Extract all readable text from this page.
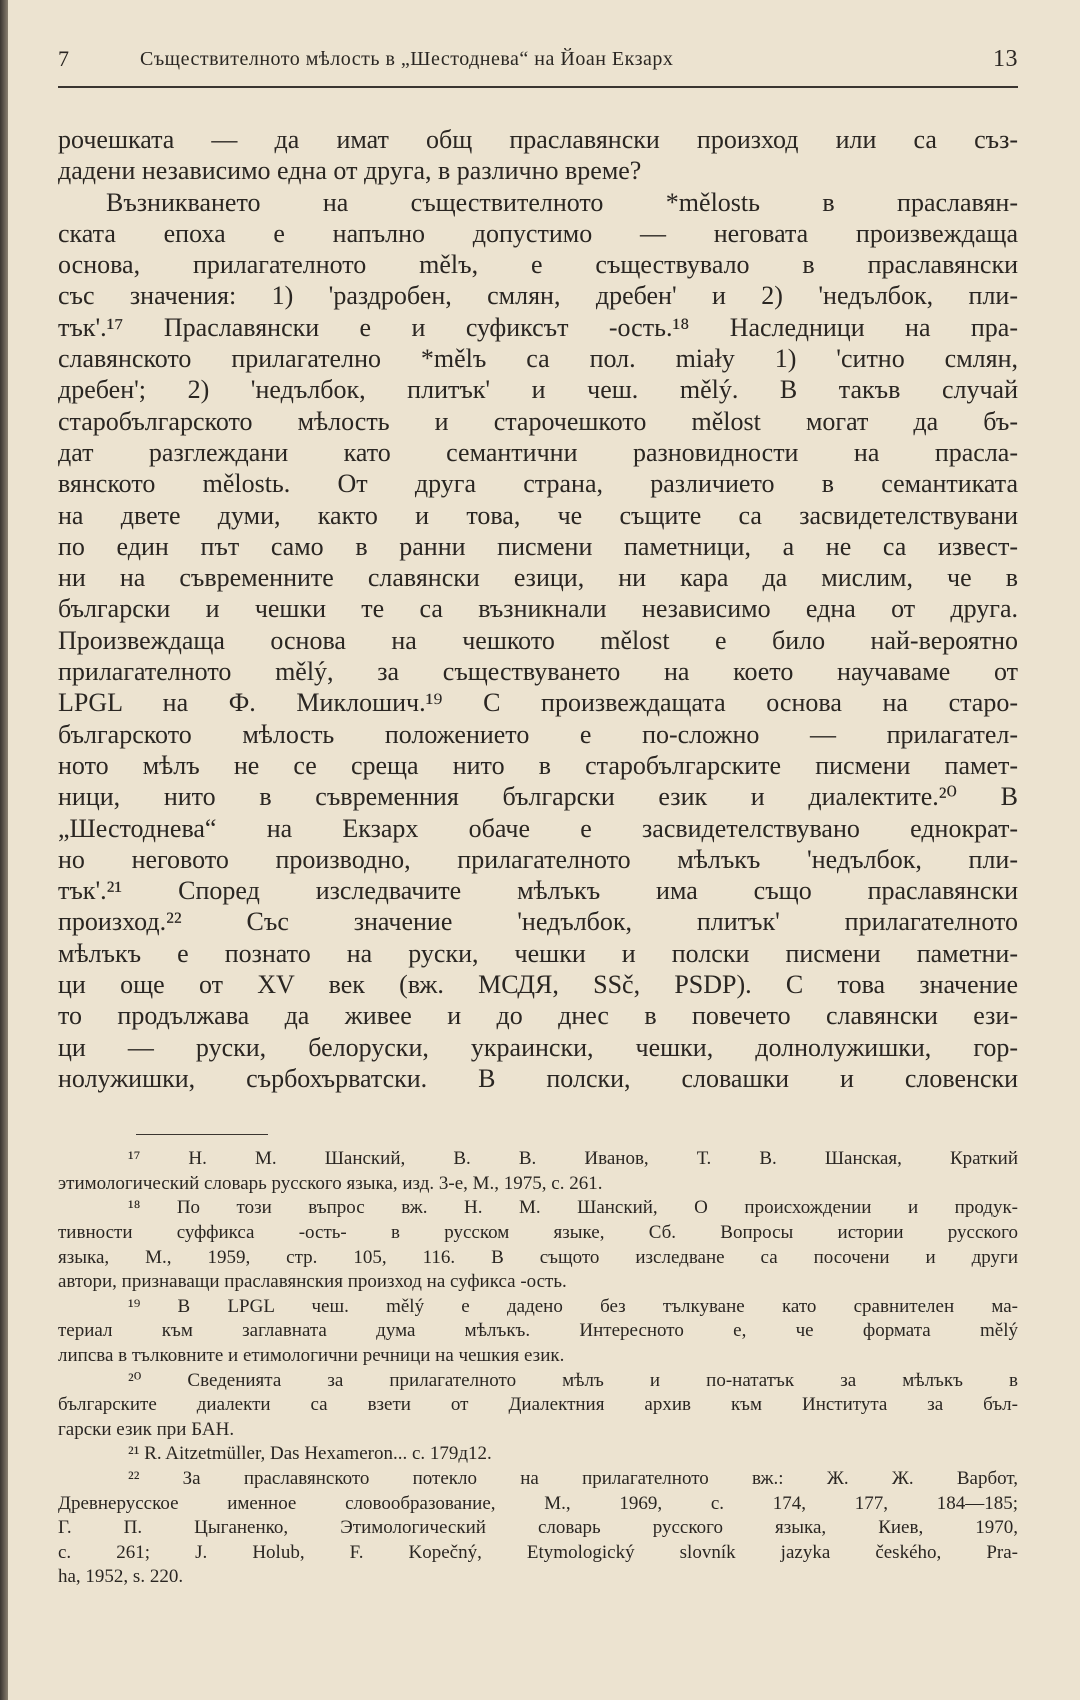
7	Съществителното мѣлость в „Шестоднева“ на Йоан Екзарх	13
рочешката — да имат общ праславянски произход или са съз-
дадени независимо една от друга, в различно време?
Възникването на съществителното *mělostь в праславян-
ската епоха е напълно допустимо — неговата произвеждаща
основа, прилагателното mělъ, е съществувало в праславянски
със значения: 1) 'раздробен, смлян, дребен' и 2) 'недълбок, пли-
тък'.¹⁷ Праславянски е и суфиксът -ость.¹⁸ Наследници на пра-
славянското прилагателно *mělъ са пол. miały 1) 'ситно смлян,
дребен'; 2) 'недълбок, плитък' и чеш. mělý. В такъв случай
старобългарското мѣлость и старочешкото mělost могат да бъ-
дат разглеждани като семантични разновидности на прасла-
вянското mělostь. От друга страна, различието в семантиката
на двете думи, както и това, че същите са засвидетелствувани
по един път само в ранни писмени паметници, а не са извест-
ни на съвременните славянски езици, ни кара да мислим, че в
български и чешки те са възникнали независимо една от друга.
Произвеждаща основа на чешкото mělost е било най-вероятно
прилагателното mělý, за съществуването на което научаваме от
LPGL на Ф. Миклошич.¹⁹ С произвеждащата основа на старо-
българското мѣлость положението е по-сложно — прилагател-
ното мѣлъ не се среща нито в старобългарските писмени памет-
ници, нито в съвременния български език и диалектите.²⁰ В
„Шестоднева“ на Екзарх обаче е засвидетелствувано еднократ-
но неговото производно, прилагателното мѣлъкъ 'недълбок, пли-
тък'.²¹ Според изследвачите мѣлъкъ има също праславянски
произход.²² Със значение 'недълбок, плитък' прилагателното
мѣлъкъ е познато на руски, чешки и полски писмени паметни-
ци още от XV век (вж. МСДЯ, SSč, PSDP). С това значение
то продължава да живее и до днес в повечето славянски ези-
ци — руски, белоруски, украински, чешки, долнолужишки, гор-
нолужишки, сърбохърватски. В полски, словашки и словенски
¹⁷ Н. М. Шанский, В. В. Иванов, Т. В. Шанская, Краткий
этимологический словарь русского языка, изд. 3-е, М., 1975, с. 261.
¹⁸ По този въпрос вж. Н. М. Шанский, О происхождении и продук-
тивности суффикса -ость- в русском языке, Сб. Вопросы истории русского
языка, М., 1959, стр. 105, 116. В същото изследване са посочени и други
автори, признаващи праславянския произход на суфикса -ость.
¹⁹ В LPGL чеш. mělý е дадено без тълкуване като сравнителен ма-
териал към заглавната дума мѣлъкъ. Интересното е, че формата mělý
липсва в тълковните и етимологични речници на чешкия език.
²⁰ Сведенията за прилагателното мѣлъ и по-нататък за мѣлъкъ в
българските диалекти са взети от Диалектния архив към Института за бъл-
гарски език при БАН.
²¹ R. Aitzetmüller, Das Hexameron... с. 179д12.
²² За праславянското потекло на прилагателното вж.: Ж. Ж. Варбот,
Древнерусское именное словообразование, М., 1969, с. 174, 177, 184—185;
Г. П. Цыганенко, Этимологический словарь русского языка, Киев, 1970,
с. 261; J. Holub, F. Kopečný, Etymologický slovník jazyka českého, Pra-
ha, 1952, s. 220.
